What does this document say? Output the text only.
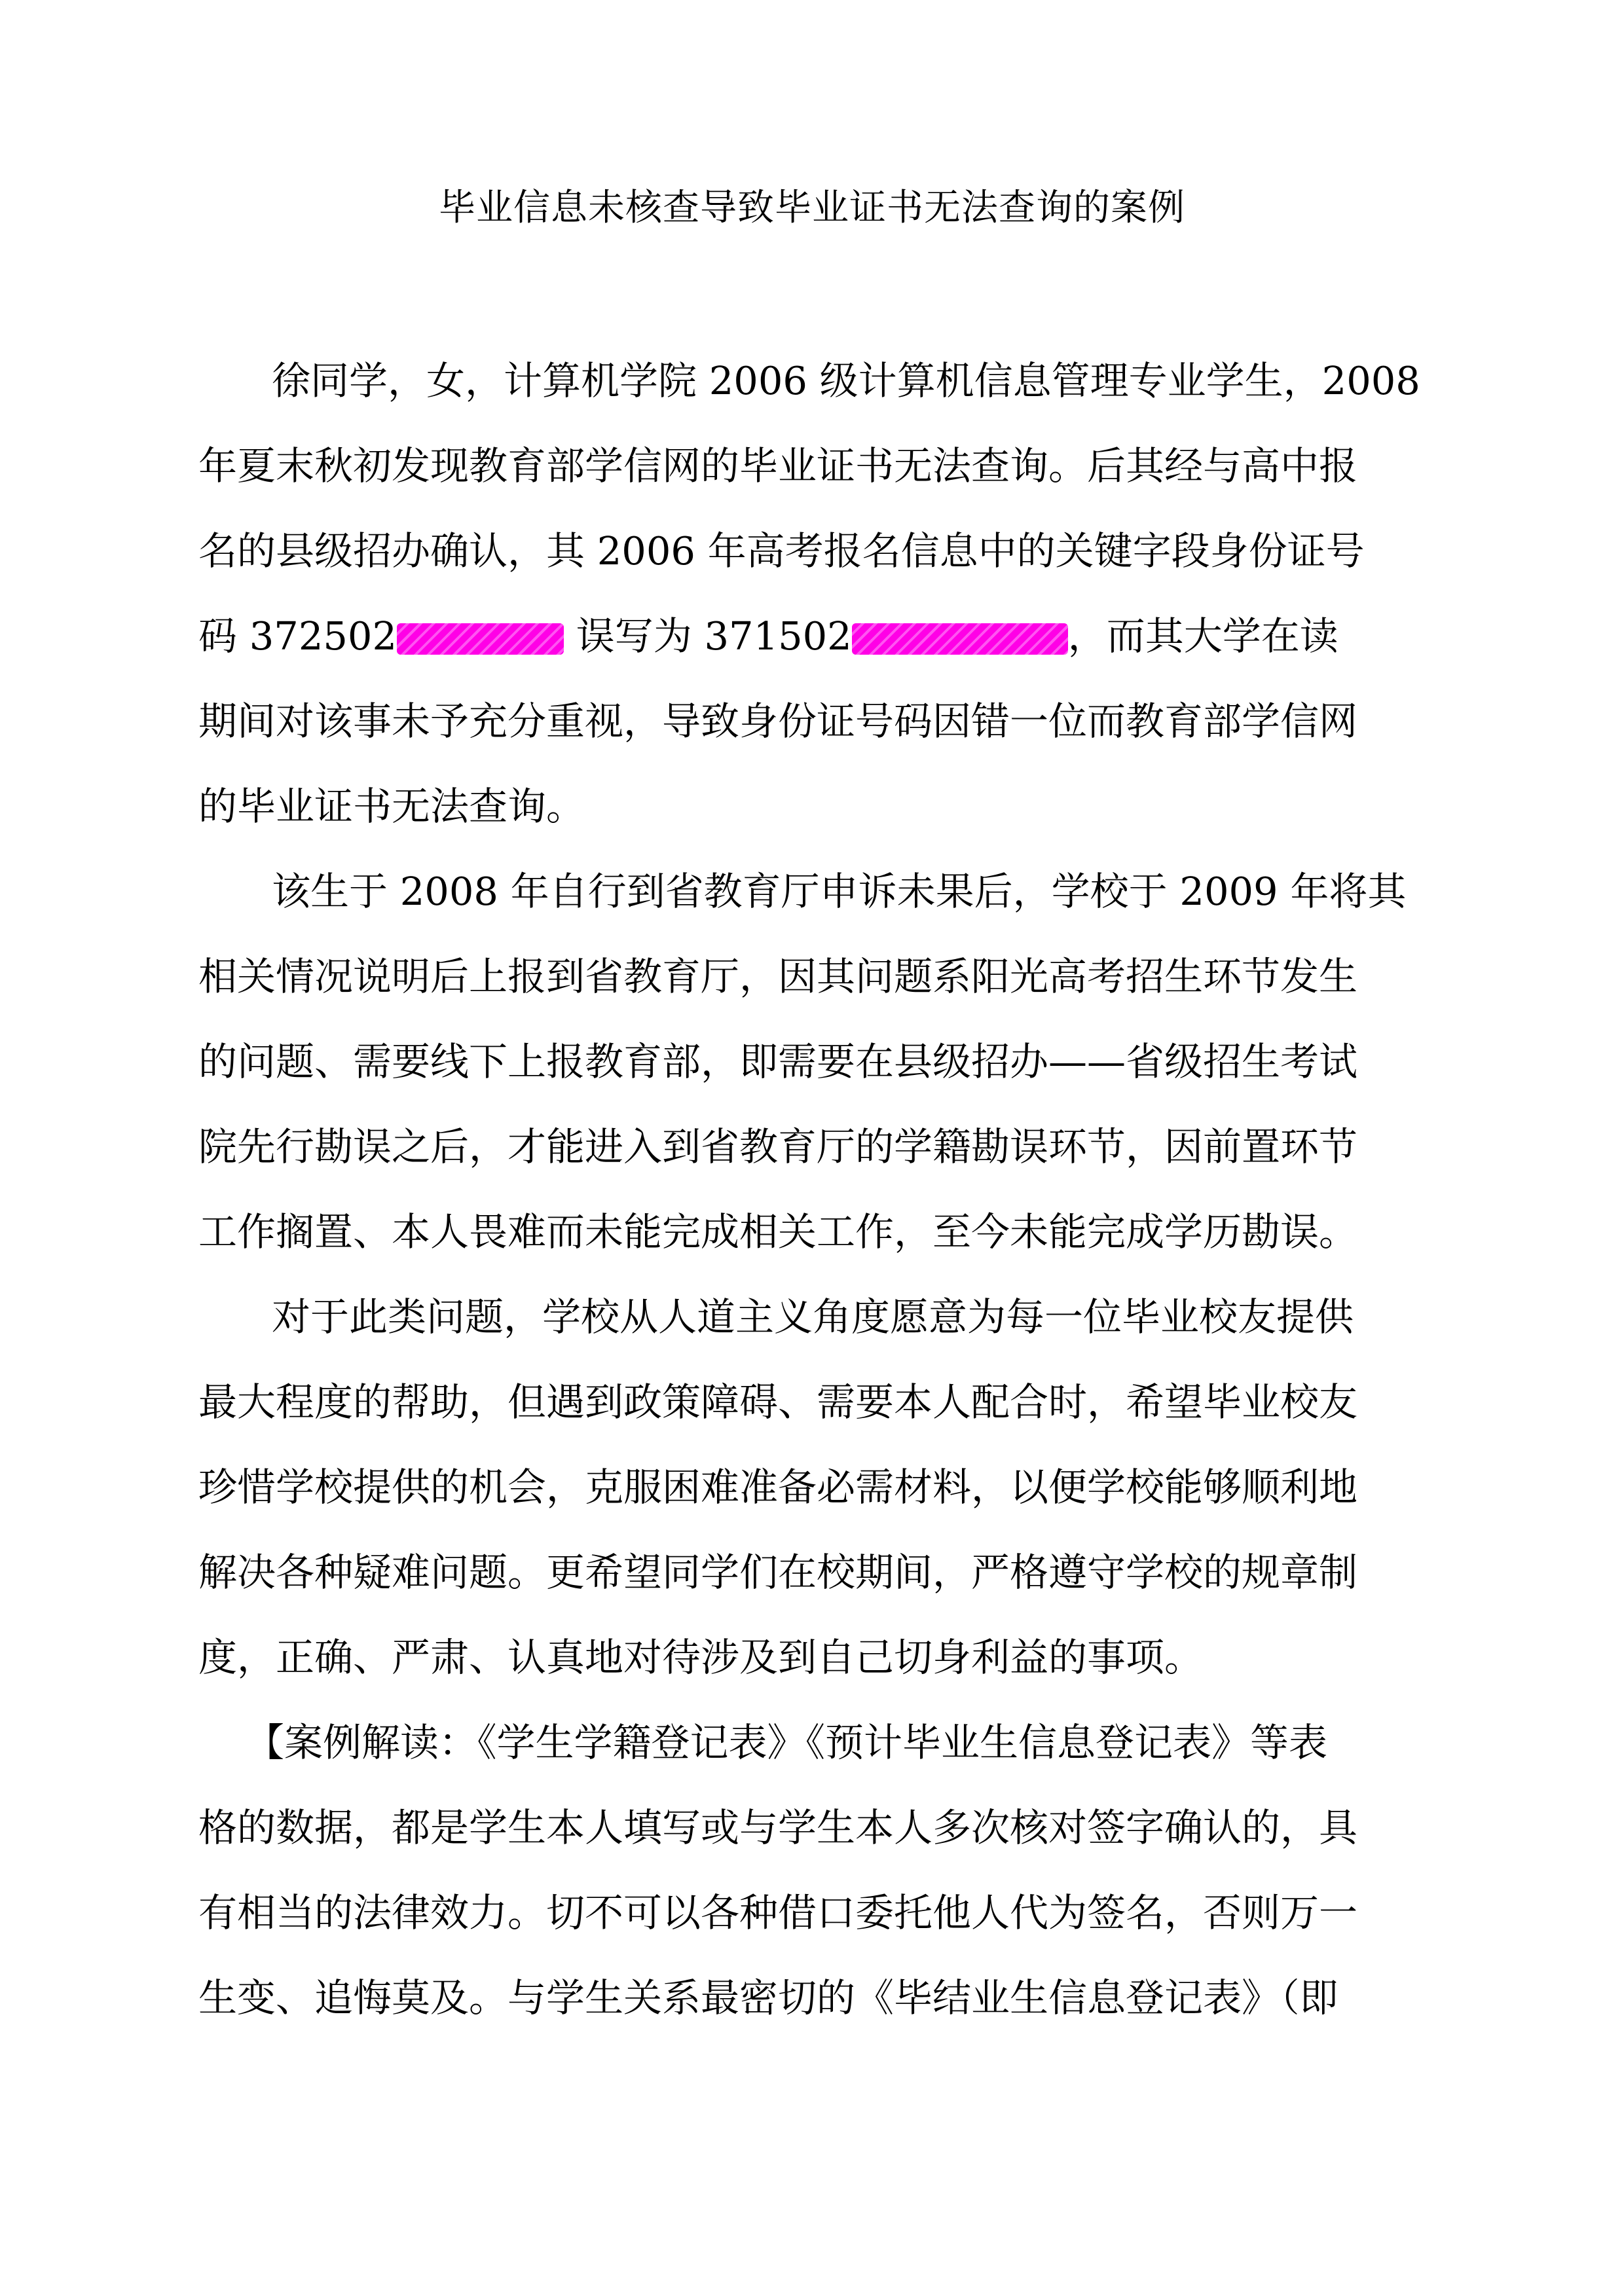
毕业信息未核查导致毕业证书无法查询的案例
徐同学，女，计算机学院 2006 级计算机信息管理专业学生，2008
年夏末秋初发现教育部学信网的毕业证书无法查询。后其经与高中报
名的县级招办确认，其 2006 年高考报名信息中的关键字段身份证号
码 372502	误写为 371502	，而其大学在读
期间对该事未予充分重视，导致身份证号码因错一位而教育部学信网
的毕业证书无法查询。
该生于 2008 年自行到省教育厅申诉未果后，学校于 2009 年将其
相关情况说明后上报到省教育厅，因其问题系阳光高考招生环节发生
的问题、需要线下上报教育部，即需要在县级招办——省级招生考试
院先行勘误之后，才能进入到省教育厅的学籍勘误环节，因前置环节
工作搁置、本人畏难而未能完成相关工作，至今未能完成学历勘误。
对于此类问题，学校从人道主义角度愿意为每一位毕业校友提供
最大程度的帮助，但遇到政策障碍、需要本人配合时，希望毕业校友
珍惜学校提供的机会，克服困难准备必需材料，以便学校能够顺利地
解决各种疑难问题。更希望同学们在校期间，严格遵守学校的规章制
度，正确、严肃、认真地对待涉及到自己切身利益的事项。
【案例解读：《学生学籍登记表》《预计毕业生信息登记表》等表
格的数据，都是学生本人填写或与学生本人多次核对签字确认的，具
有相当的法律效力。切不可以各种借口委托他人代为签名，否则万一
生变、追悔莫及。与学生关系最密切的《毕结业生信息登记表》（即
